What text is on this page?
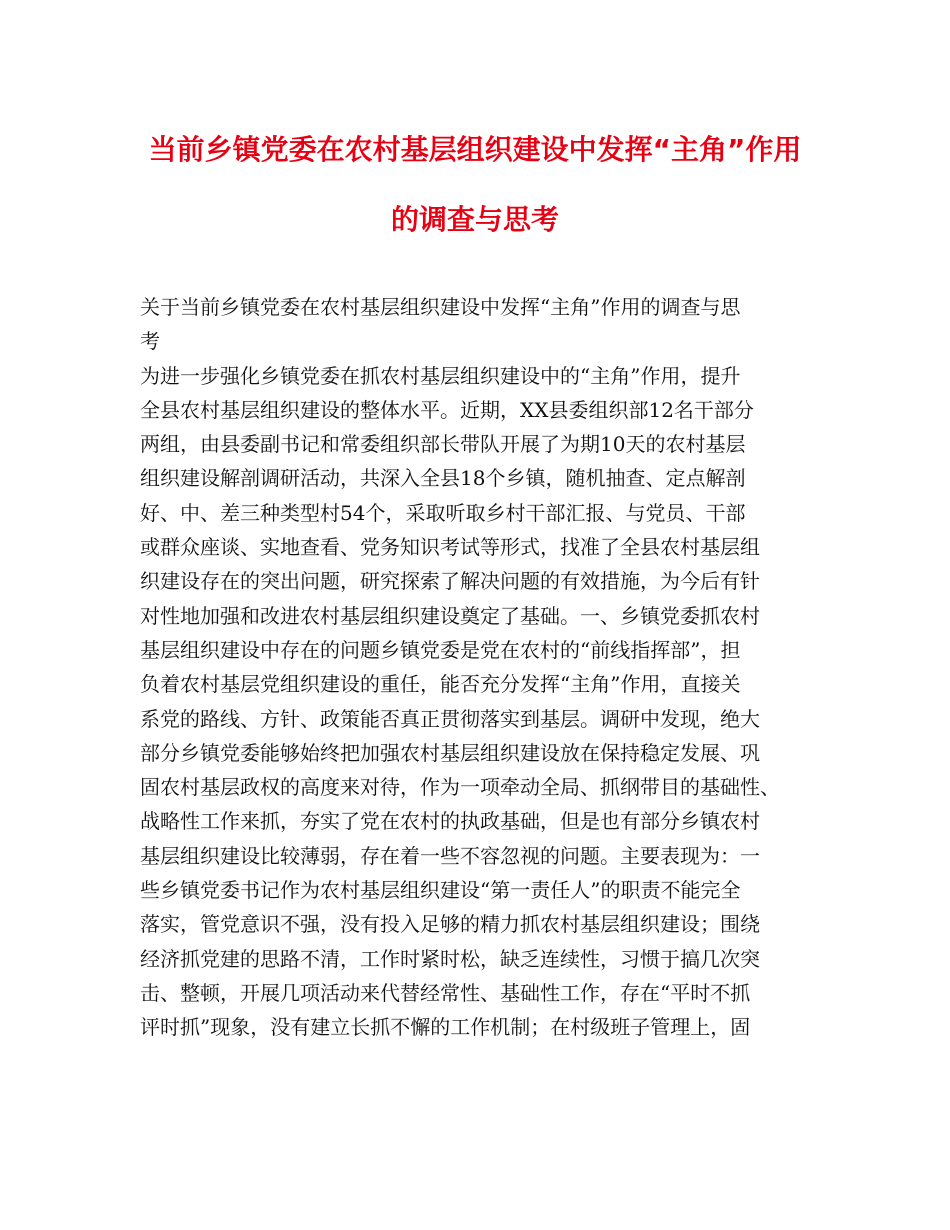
当前乡镇党委在农村基层组织建设中发挥“主角”作用
的调查与思考

关于当前乡镇党委在农村基层组织建设中发挥“主角”作用的调查与思

考

为进一步强化乡镇党委在抓农村基层组织建设中的“主角”作用，提升

全县农村基层组织建设的整体水平。近期，XX县委组织部12名干部分

两组，由县委副书记和常委组织部长带队开展了为期10天的农村基层

组织建设解剖调研活动，共深入全县18个乡镇，随机抽查、定点解剖

好、中、差三种类型村54个，采取听取乡村干部汇报、与党员、干部

或群众座谈、实地查看、党务知识考试等形式，找准了全县农村基层组

织建设存在的突出问题，研究探索了解决问题的有效措施，为今后有针

对性地加强和改进农村基层组织建设奠定了基础。一、乡镇党委抓农村

基层组织建设中存在的问题乡镇党委是党在农村的“前线指挥部”，担

负着农村基层党组织建设的重任，能否充分发挥“主角”作用，直接关

系党的路线、方针、政策能否真正贯彻落实到基层。调研中发现，绝大

部分乡镇党委能够始终把加强农村基层组织建设放在保持稳定发展、巩

固农村基层政权的高度来对待，作为一项牵动全局、抓纲带目的基础性、

战略性工作来抓，夯实了党在农村的执政基础，但是也有部分乡镇农村

基层组织建设比较薄弱，存在着一些不容忽视的问题。主要表现为：一

些乡镇党委书记作为农村基层组织建设“第一责任人”的职责不能完全

落实，管党意识不强，没有投入足够的精力抓农村基层组织建设；围绕

经济抓党建的思路不清，工作时紧时松，缺乏连续性，习惯于搞几次突

击、整顿，开展几项活动来代替经常性、基础性工作，存在“平时不抓

评时抓”现象，没有建立长抓不懈的工作机制；在村级班子管理上，固
